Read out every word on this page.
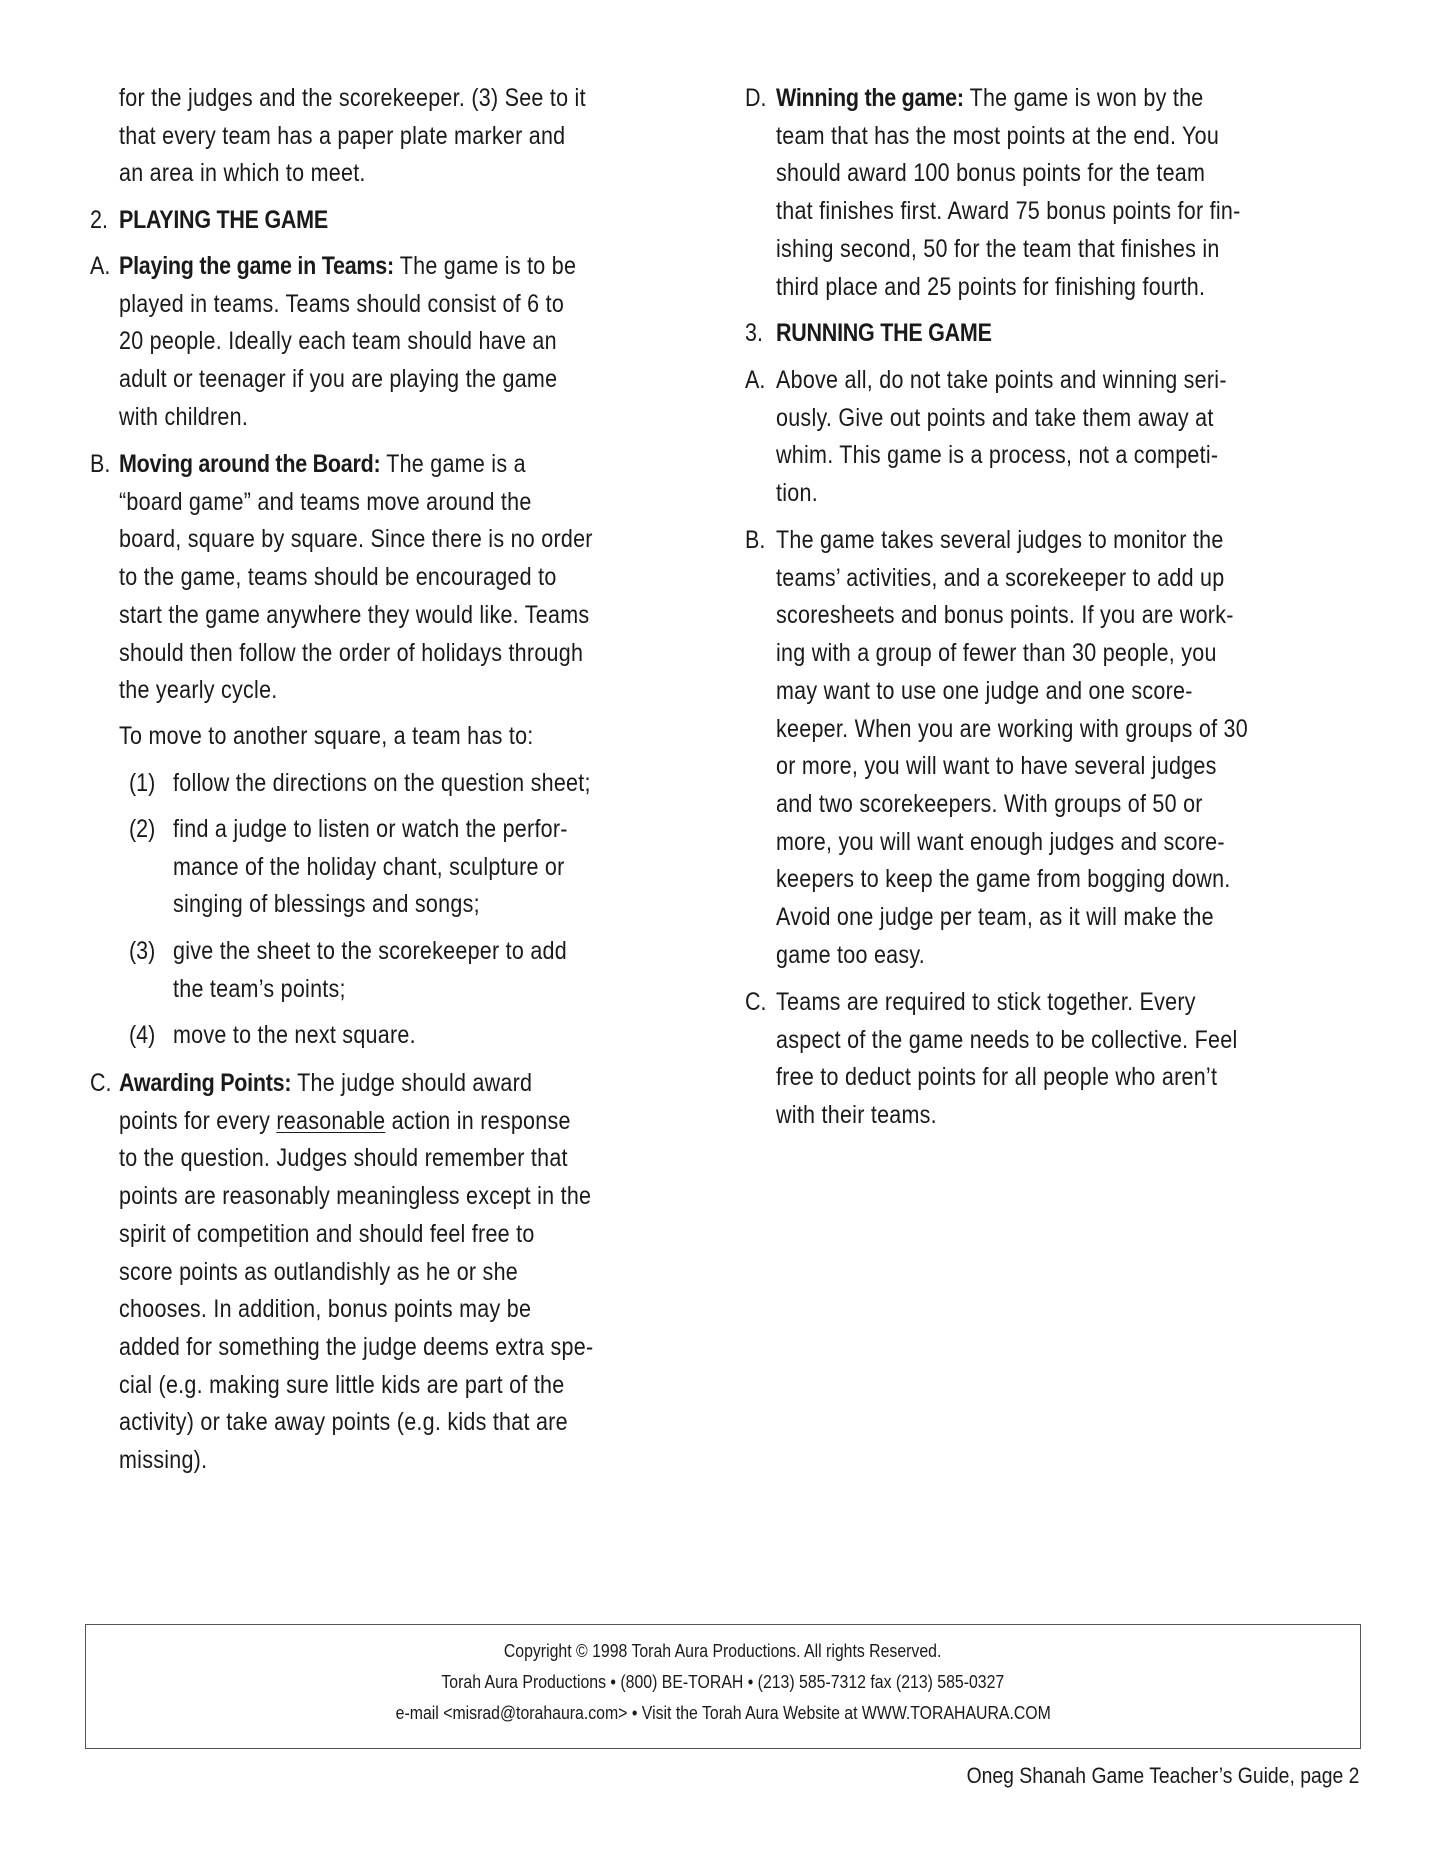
for the judges and the scorekeeper. (3) See to it
that every team has a paper plate marker and
an area in which to meet.
2. PLAYING THE GAME
A. Playing the game in Teams: The game is to be
played in teams. Teams should consist of 6 to
20 people. Ideally each team should have an
adult or teenager if you are playing the game
with children.
B. Moving around the Board: The game is a
“board game” and teams move around the
board, square by square. Since there is no order
to the game, teams should be encouraged to
start the game anywhere they would like. Teams
should then follow the order of holidays through
the yearly cycle.
To move to another square, a team has to:
(1) follow the directions on the question sheet;
(2) find a judge to listen or watch the perfor-
mance of the holiday chant, sculpture or
singing of blessings and songs;
(3) give the sheet to the scorekeeper to add
the team’s points;
(4) move to the next square.
C. Awarding Points: The judge should award
points for every reasonable action in response
to the question. Judges should remember that
points are reasonably meaningless except in the
spirit of competition and should feel free to
score points as outlandishly as he or she
chooses. In addition, bonus points may be
added for something the judge deems extra spe-
cial (e.g. making sure little kids are part of the
activity) or take away points (e.g. kids that are
missing).
D. Winning the game: The game is won by the
team that has the most points at the end. You
should award 100 bonus points for the team
that finishes first. Award 75 bonus points for fin-
ishing second, 50 for the team that finishes in
third place and 25 points for finishing fourth.
3. RUNNING THE GAME
A. Above all, do not take points and winning seri-
ously. Give out points and take them away at
whim. This game is a process, not a competi-
tion.
B. The game takes several judges to monitor the
teams’ activities, and a scorekeeper to add up
scoresheets and bonus points. If you are work-
ing with a group of fewer than 30 people, you
may want to use one judge and one score-
keeper. When you are working with groups of 30
or more, you will want to have several judges
and two scorekeepers. With groups of 50 or
more, you will want enough judges and score-
keepers to keep the game from bogging down.
Avoid one judge per team, as it will make the
game too easy.
C. Teams are required to stick together. Every
aspect of the game needs to be collective. Feel
free to deduct points for all people who aren’t
with their teams.
Copyright © 1998 Torah Aura Productions. All rights Reserved.
Torah Aura Productions • (800) BE-TORAH • (213) 585-7312 fax (213) 585-0327
e-mail <misrad@torahaura.com> • Visit the Torah Aura Website at WWW.TORAHAURA.COM
Oneg Shanah Game Teacher’s Guide, page 2
